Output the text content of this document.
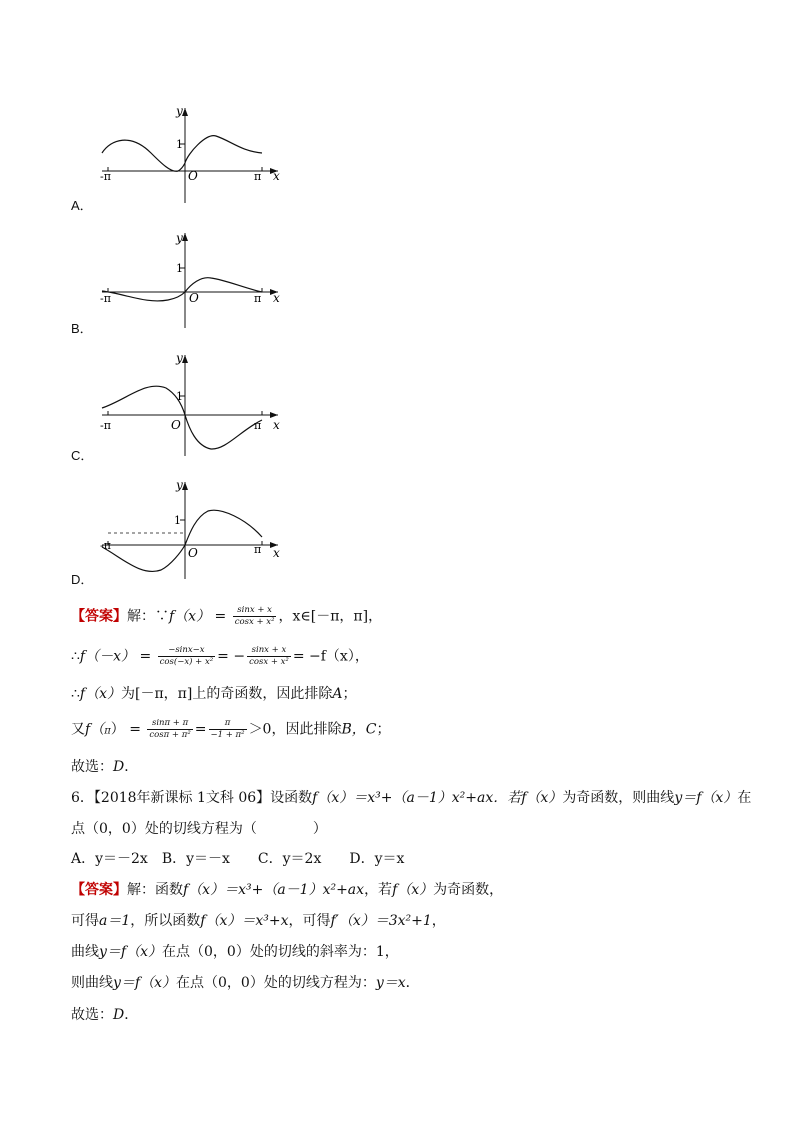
y
x
O
1
-π	π
A．
y
x
O
1
-π	π
B．
y
x
O
1
-π	π
C．
y
x
O
1
-π	π
D．
【答案】解：∵f（x） = $\frac{\sin x + x}{\text{cosx + x²}}$ ，x∈[－π，π]，
∴f（－x） = $\frac{-\sin x-x}{\text{cos(−x) + x²}}$ = − $\frac{\sin x + x}{\text{cosx + x²}} = -f(x)$，
∴f（x）为[－π，π]上的奇函数，因此排除A；
又$f(\pi) = \frac{\sin\pi + \pi}{\text{cosπ + π²}} = \frac{\pi}{\text{−1 + π²}} >0$，因此排除B，C；
故选：D．
6．【2018年新课标 1文科 06】设函数f（x）＝x³+（a－1）x²+ax．若f（x）为奇函数，则曲线y＝f（x）在
点（0，0）处的切线方程为（　　　　）
A．y＝－2x　B．y＝－x　　C．y＝2x　　D．y＝x
【答案】解：函数f（x）＝x³+（a－1）x²+ax，若f（x）为奇函数，
可得a＝1，所以函数f（x）＝x³+x，可得f′（x）＝3x²+1，
曲线y＝f（x）在点（0，0）处的切线的斜率为：1，
则曲线y＝f（x）在点（0，0）处的切线方程为：y＝x．
故选：D．
